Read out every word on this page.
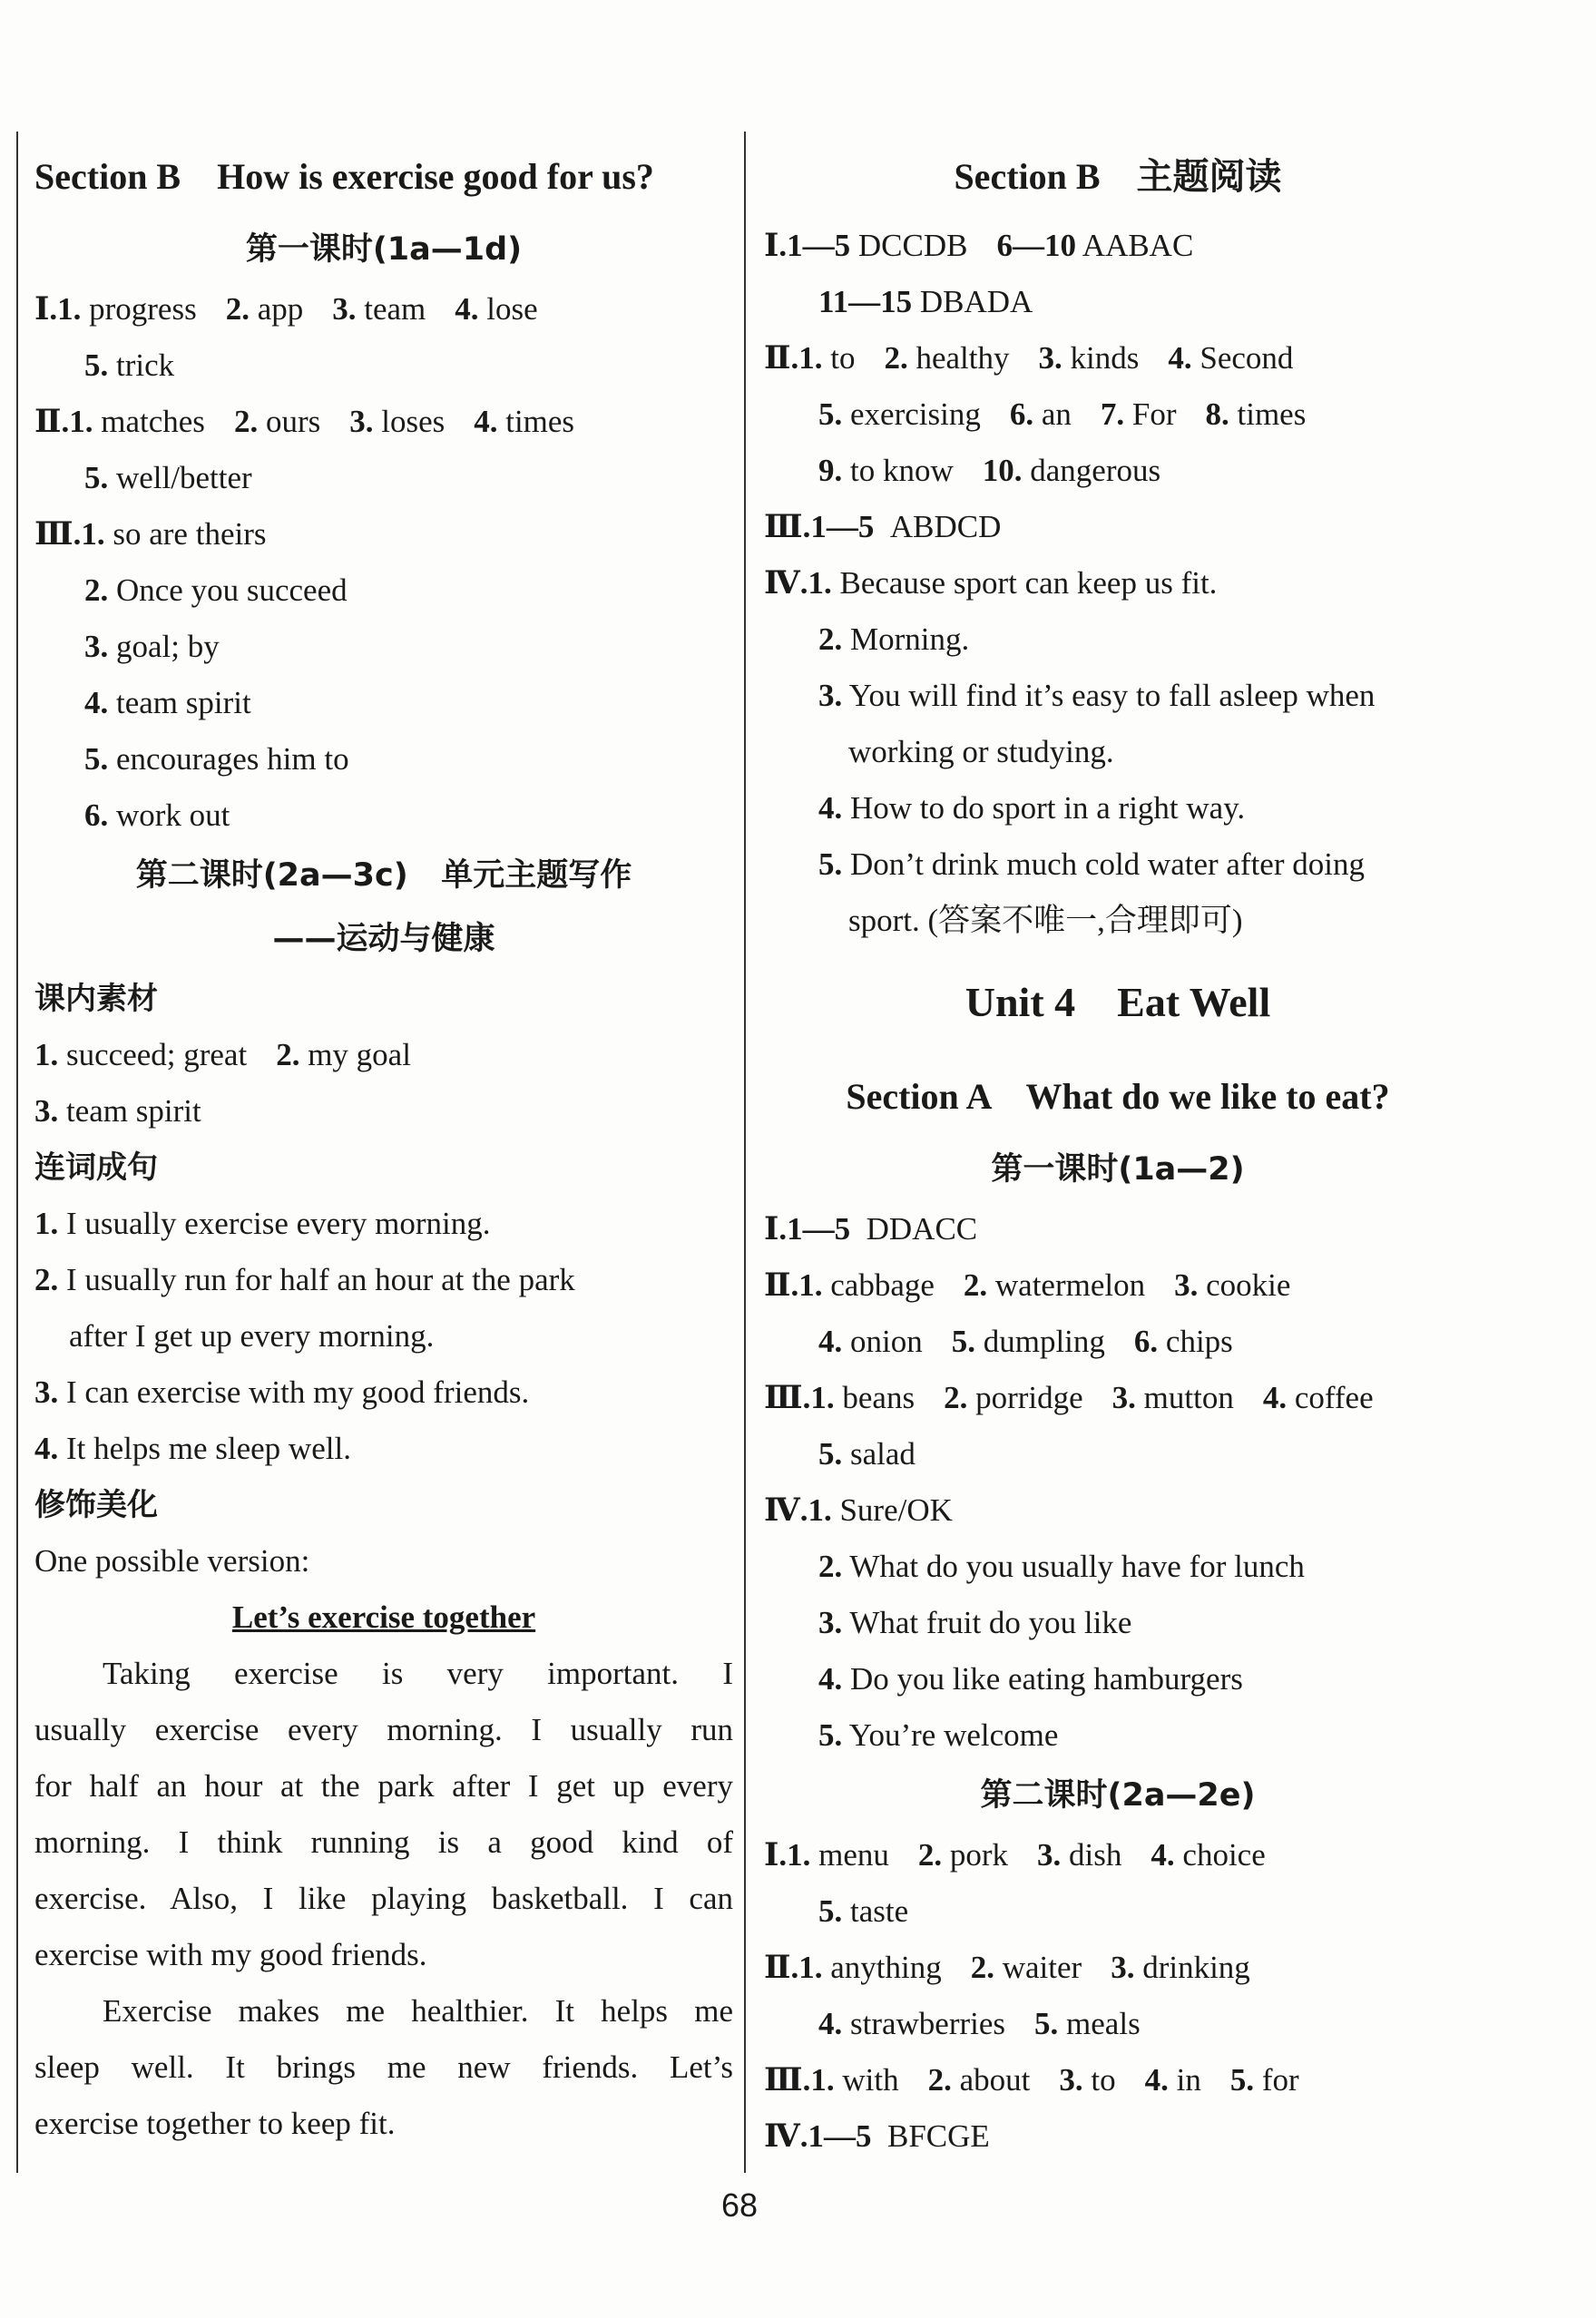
Section B    How is exercise good for us?
第一课时(1a—1d)
Ⅰ.1. progress 2. app 3. team 4. lose
5. trick
Ⅱ.1. matches 2. ours 3. loses 4. times
5. well/better
Ⅲ.1. so are theirs
2. Once you succeed
3. goal; by
4. team spirit
5. encourages him to
6. work out
第二课时(2a—3c)   单元主题写作
——运动与健康
课内素材
1. succeed; great 2. my goal
3. team spirit
连词成句
1. I usually exercise every morning.
2. I usually run for half an hour at the park
after I get up every morning.
3. I can exercise with my good friends.
4. It helps me sleep well.
修饰美化
One possible version:
Let’s exercise together
Taking exercise is very important. I
usually exercise every morning. I usually run
for half an hour at the park after I get up every
morning. I think running is a good kind of
exercise. Also, I like playing basketball. I can
exercise with my good friends.
Exercise makes me healthier. It helps me
sleep well. It brings me new friends. Let’s
exercise together to keep fit.
Section B    主题阅读
Ⅰ.1—5 DCCDB 6—10 AABAC
11—15 DBADA
Ⅱ.1. to 2. healthy 3. kinds 4. Second
5. exercising 6. an 7. For 8. times
9. to know 10. dangerous
Ⅲ.1—5 ABDCD
Ⅳ.1. Because sport can keep us fit.
2. Morning.
3. You will find it’s easy to fall asleep when
working or studying.
4. How to do sport in a right way.
5. Don’t drink much cold water after doing
sport. (答案不唯一,合理即可)
Unit 4    Eat Well
Section A    What do we like to eat?
第一课时(1a—2)
Ⅰ.1—5 DDACC
Ⅱ.1. cabbage 2. watermelon 3. cookie
4. onion 5. dumpling 6. chips
Ⅲ.1. beans 2. porridge 3. mutton 4. coffee
5. salad
Ⅳ.1. Sure/OK
2. What do you usually have for lunch
3. What fruit do you like
4. Do you like eating hamburgers
5. You’re welcome
第二课时(2a—2e)
Ⅰ.1. menu 2. pork 3. dish 4. choice
5. taste
Ⅱ.1. anything 2. waiter 3. drinking
4. strawberries 5. meals
Ⅲ.1. with 2. about 3. to 4. in 5. for
Ⅳ.1—5 BFCGE
68
